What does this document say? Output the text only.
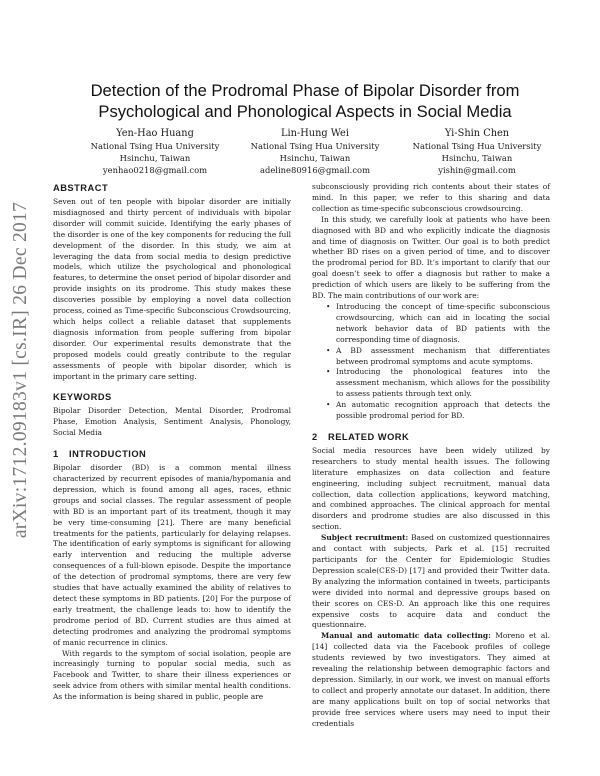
arXiv:1712.09183v1 [cs.IR] 26 Dec 2017
Detection of the Prodromal Phase of Bipolar Disorder from
Psychological and Phonological Aspects in Social Media
Yen-Hao Huang
National Tsing Hua University
Hsinchu, Taiwan
yenhao0218@gmail.com
Lin-Hung Wei
National Tsing Hua University
Hsinchu, Taiwan
adeline80916@gmail.com
Yi-Shin Chen
National Tsing Hua University
Hsinchu, Taiwan
yishin@gmail.com
ABSTRACT

Seven out of ten people with bipolar disorder are initially misdiagnosed and thirty percent of individuals with bipolar disorder will commit suicide. Identifying the early phases of the disorder is one of the key components for reducing the full development of the disorder. In this study, we aim at leveraging the data from social media to design predictive models, which utilize the psychological and phonological features, to determine the onset period of bipolar disorder and provide insights on its prodrome. This study makes these discoveries possible by employing a novel data collection process, coined as Time-specific Subconscious Crowdsourcing, which helps collect a reliable dataset that supplements diagnosis information from people suffering from bipolar disorder. Our experimental results demonstrate that the proposed models could greatly contribute to the regular assessments of people with bipolar disorder, which is important in the primary care setting.

KEYWORDS

Bipolar Disorder Detection, Mental Disorder, Prodromal Phase, Emotion Analysis, Sentiment Analysis, Phonology, Social Media

1 INTRODUCTION

Bipolar disorder (BD) is a common mental illness characterized by recurrent episodes of mania/hypomania and depression, which is found among all ages, races, ethnic groups and social classes. The regular assessment of people with BD is an important part of its treatment, though it may be very time-consuming [21]. There are many beneficial treatments for the patients, particularly for delaying relapses. The identification of early symptoms is significant for allowing early intervention and reducing the multiple adverse consequences of a full-blown episode. Despite the importance of the detection of prodromal symptoms, there are very few studies that have actually examined the ability of relatives to detect these symptoms in BD patients. [20] For the purpose of early treatment, the challenge leads to: how to identify the prodrome period of BD. Current studies are thus aimed at detecting prodromes and analyzing the prodromal symptoms of manic recurrence in clinics.

With regards to the symptom of social isolation, people are increasingly turning to popular social media, such as Facebook and Twitter, to share their illness experiences or seek advice from others with similar mental health conditions. As the information is being shared in public, people are

subconsciously providing rich contents about their states of mind. In this paper, we refer to this sharing and data collection as time-specific subconscious crowdsourcing.

In this study, we carefully look at patients who have been diagnosed with BD and who explicitly indicate the diagnosis and time of diagnosis on Twitter. Our goal is to both predict whether BD rises on a given period of time, and to discover the prodromal period for BD. It’s important to clarify that our goal doesn’t seek to offer a diagnosis but rather to make a prediction of which users are likely to be suffering from the BD. The main contributions of our work are:

• Introducing the concept of time-specific subconscious crowdsourcing, which can aid in locating the social network behavior data of BD patients with the corresponding time of diagnosis.
• A BD assessment mechanism that differentiates between prodromal symptoms and acute symptoms.
• Introducing the phonological features into the assessment mechanism, which allows for the possibility to assess patients through text only.
• An automatic recognition approach that detects the possible prodromal period for BD.
2 RELATED WORK

Social media resources have been widely utilized by researchers to study mental health issues. The following literature emphasizes on data collection and feature engineering, including subject recruitment, manual data collection, data collection applications, keyword matching, and combined approaches. The clinical approach for mental disorders and prodrome studies are also discussed in this section.

Subject recruitment: Based on customized questionnaires and contact with subjects, Park et al. [15] recruited participants for the Center for Epidemiologic Studies Depression scale(CES-D) [17] and provided their Twitter data. By analyzing the information contained in tweets, participants were divided into normal and depressive groups based on their scores on CES-D. An approach like this one requires expensive costs to acquire data and conduct the questionnaire.

Manual and automatic data collecting: Moreno et al. [14] collected data via the Facebook profiles of college students reviewed by two investigators. They aimed at revealing the relationship between demographic factors and depression. Similarly, in our work, we invest on manual efforts to collect and properly annotate our dataset. In addition, there are many applications built on top of social networks that provide free services where users may need to input their credentials
